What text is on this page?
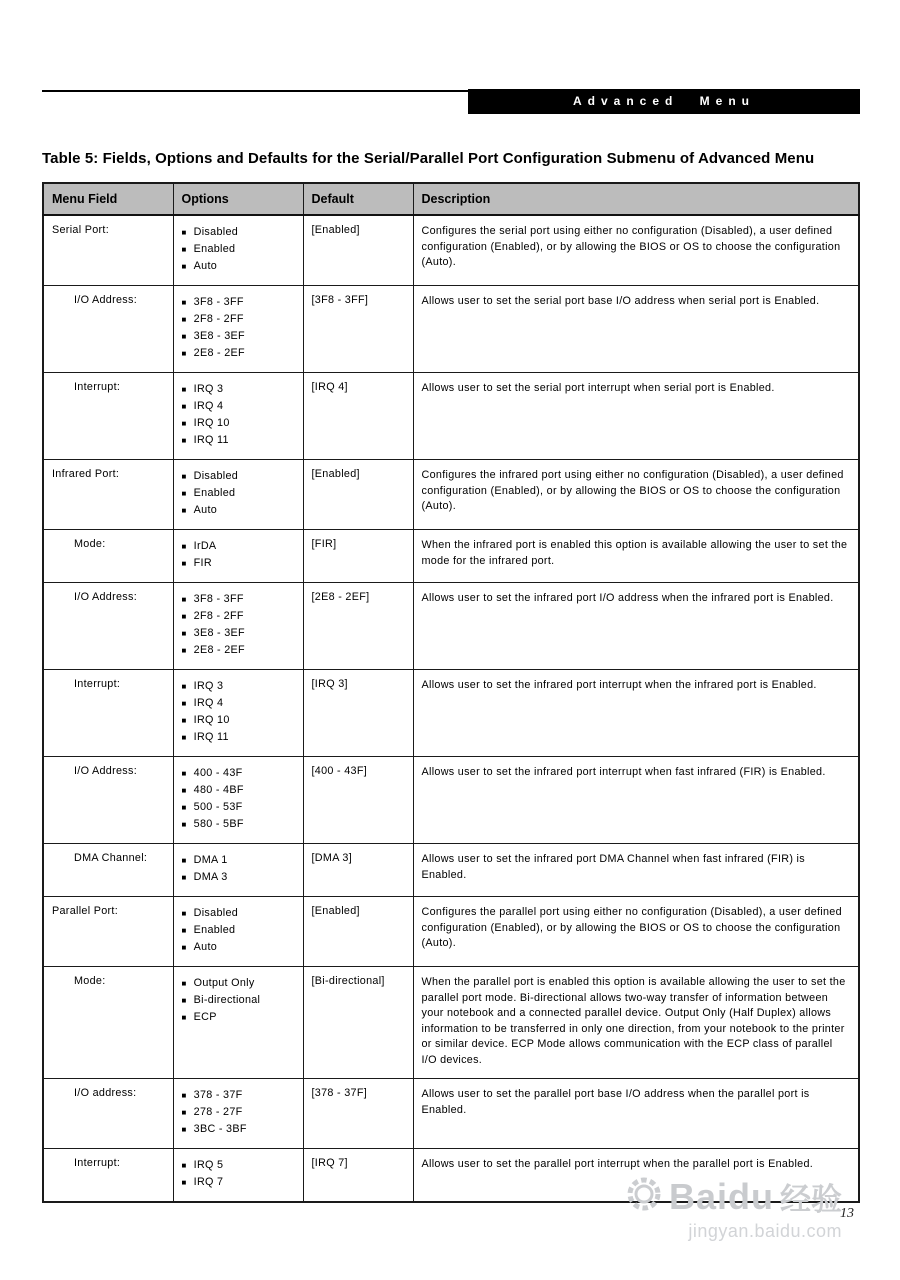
Advanced Menu
Table 5: Fields, Options and Defaults for the Serial/Parallel Port Configuration Submenu of Advanced Menu
Menu Field	Options	Default	Description
Serial Port:	■ Disabled
■ Enabled
■ Auto
	[Enabled]	Configures the serial port using either no configuration (Disabled), a user defined configuration (Enabled), or by allowing the BIOS or OS to choose the configuration (Auto).
I/O Address:	■ 3F8 - 3FF
■ 2F8 - 2FF
■ 3E8 - 3EF
■ 2E8 - 2EF
	[3F8 - 3FF]	Allows user to set the serial port base I/O address when serial port is Enabled.
Interrupt:	■ IRQ 3
■ IRQ 4
■ IRQ 10
■ IRQ 11
	[IRQ 4]	Allows user to set the serial port interrupt when serial port is Enabled.
Infrared Port:	■ Disabled
■ Enabled
■ Auto
	[Enabled]	Configures the infrared port using either no configuration (Disabled), a user defined configuration (Enabled), or by allowing the BIOS or OS to choose the configuration (Auto).
Mode:	■ IrDA
■ FIR	[FIR]	When the infrared port is enabled this option is available allowing the user to set the mode for the infrared port.
I/O Address:	■ 3F8 - 3FF
■ 2F8 - 2FF
■ 3E8 - 3EF
■ 2E8 - 2EF
	[2E8 - 2EF]	Allows user to set the infrared port I/O address when the infrared port is Enabled.
Interrupt:	■ IRQ 3
■ IRQ 4
■ IRQ 10
■ IRQ 11
	[IRQ 3]	Allows user to set the infrared port interrupt when the infrared port is Enabled.
I/O Address:	■ 400 - 43F
■ 480 - 4BF
■ 500 - 53F
■ 580 - 5BF
	[400 - 43F]	Allows user to set the infrared port interrupt when fast infrared (FIR) is Enabled.
DMA Channel:	■ DMA 1
■ DMA 3	[DMA 3]	Allows user to set the infrared port DMA Channel when fast infrared (FIR) is Enabled.
Parallel Port:	■ Disabled
■ Enabled
■ Auto
	[Enabled]	Configures the parallel port using either no configuration (Disabled), a user defined configuration (Enabled), or by allowing the BIOS or OS to choose the configuration (Auto).
Mode:	■ Output Only
■ Bi-directional
■ ECP
	[Bi-directional]	When the parallel port is enabled this option is available allowing the user to set the parallel port mode. Bi-directional allows two-way transfer of information between your notebook and a connected parallel device. Output Only (Half Duplex) allows information to be transferred in only one direction, from your notebook to the printer or similar device. ECP Mode allows communication with the ECP class of parallel I/O devices.
I/O address:	■ 378 - 37F
■ 278 - 27F
■ 3BC - 3BF
	[378 - 37F]	Allows user to set the parallel port base I/O address when the parallel port is Enabled.
Interrupt:	■ IRQ 5
■ IRQ 7	[IRQ 7]	Allows user to set the parallel port interrupt when the parallel port is Enabled.
Baidu 经验
jingyan.baidu.com
13
